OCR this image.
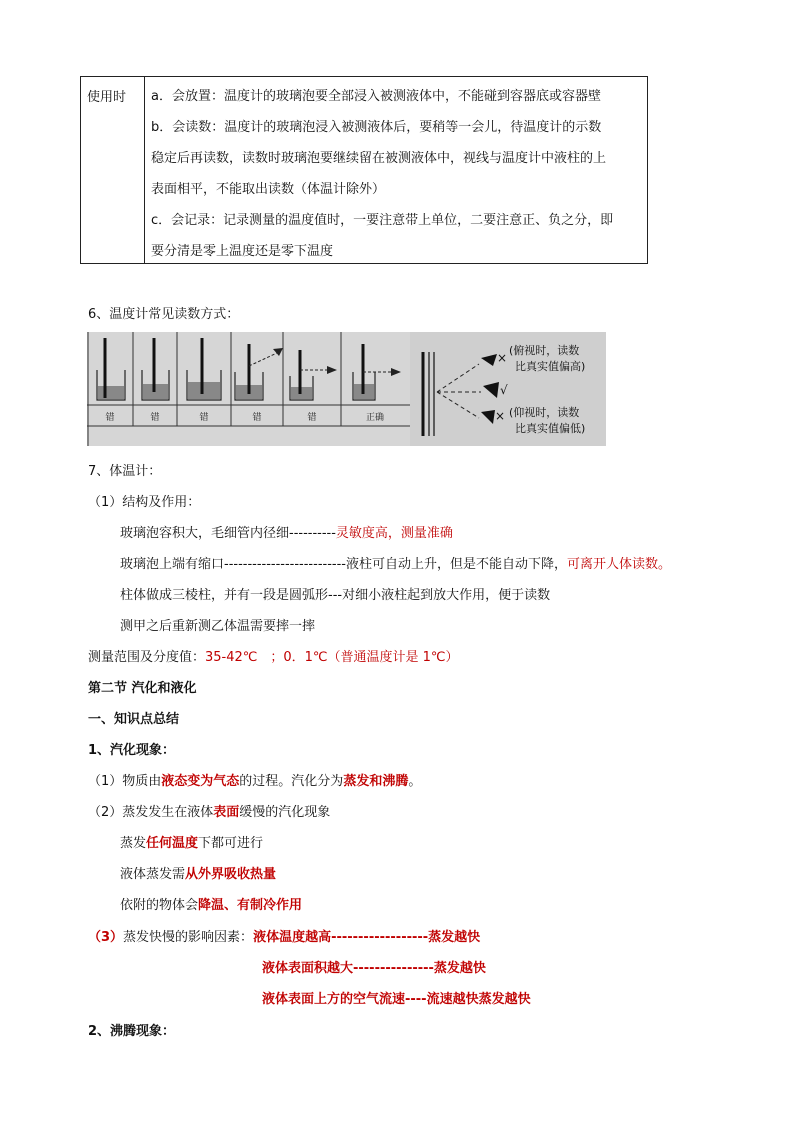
使用时	a．会放置：温度计的玻璃泡要全部浸入被测液体中，不能碰到容器底或容器壁
b．会读数：温度计的玻璃泡浸入被测液体后，要稍等一会儿，待温度计的示数
稳定后再读数，读数时玻璃泡要继续留在被测液体中，视线与温度计中液柱的上
表面相平，不能取出读数（体温计除外）
c．会记录：记录测量的温度值时，一要注意带上单位，二要注意正、负之分，即
要分清是零上温度还是零下温度
6、温度计常见读数方式：
错	错	错	错	错	正确
×
√
×
(俯视时，读数
比真实值偏高)
(仰视时，读数
比真实值偏低)
7、体温计：
（1）结构及作用：
玻璃泡容积大，毛细管内径细----------灵敏度高，测量准确
玻璃泡上端有缩口--------------------------液柱可自动上升，但是不能自动下降，可离开人体读数。
柱体做成三棱柱，并有一段是圆弧形---对细小液柱起到放大作用，便于读数
测甲之后重新测乙体温需要摔一摔
测量范围及分度值：35-42℃　；0．1℃（普通温度计是 1℃）
第二节 汽化和液化
一、知识点总结
1、汽化现象：
（1）物质由液态变为气态的过程。汽化分为蒸发和沸腾。
（2）蒸发发生在液体表面缓慢的汽化现象
蒸发任何温度下都可进行
液体蒸发需从外界吸收热量
依附的物体会降温、有制冷作用
（3）蒸发快慢的影响因素：液体温度越高------------------蒸发越快
液体表面积越大---------------蒸发越快
液体表面上方的空气流速----流速越快蒸发越快
2、沸腾现象：
